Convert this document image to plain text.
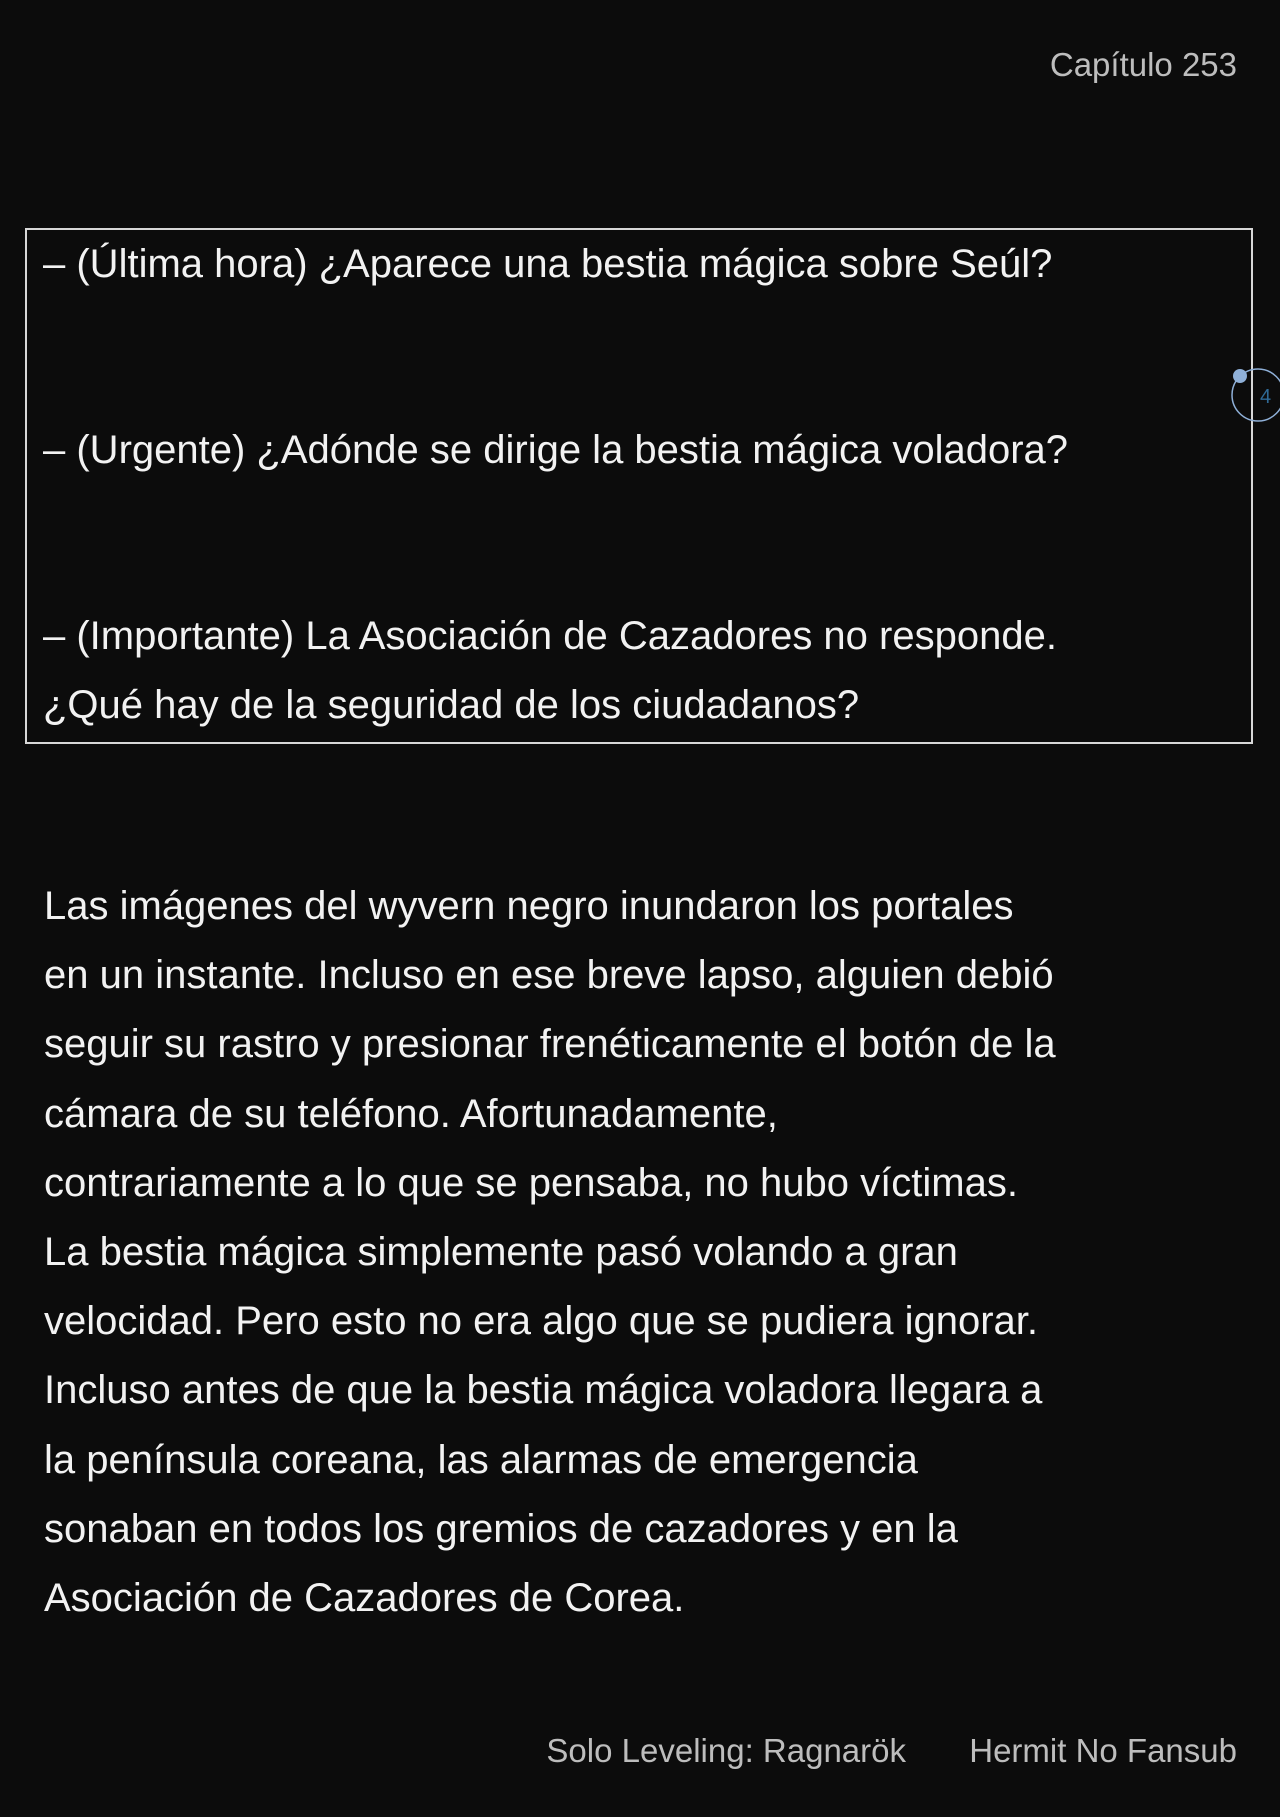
Capítulo 253
– (Última hora) ¿Aparece una bestia mágica sobre Seúl?
– (Urgente) ¿Adónde se dirige la bestia mágica voladora?
– (Importante) La Asociación de Cazadores no responde.
¿Qué hay de la seguridad de los ciudadanos?
4
Las imágenes del wyvern negro inundaron los portales
en un instante. Incluso en ese breve lapso, alguien debió
seguir su rastro y presionar frenéticamente el botón de la
cámara de su teléfono. Afortunadamente,
contrariamente a lo que se pensaba, no hubo víctimas.
La bestia mágica simplemente pasó volando a gran
velocidad. Pero esto no era algo que se pudiera ignorar.
Incluso antes de que la bestia mágica voladora llegara a
la península coreana, las alarmas de emergencia
sonaban en todos los gremios de cazadores y en la
Asociación de Cazadores de Corea.
Solo Leveling: Ragnarök Hermit No Fansub
